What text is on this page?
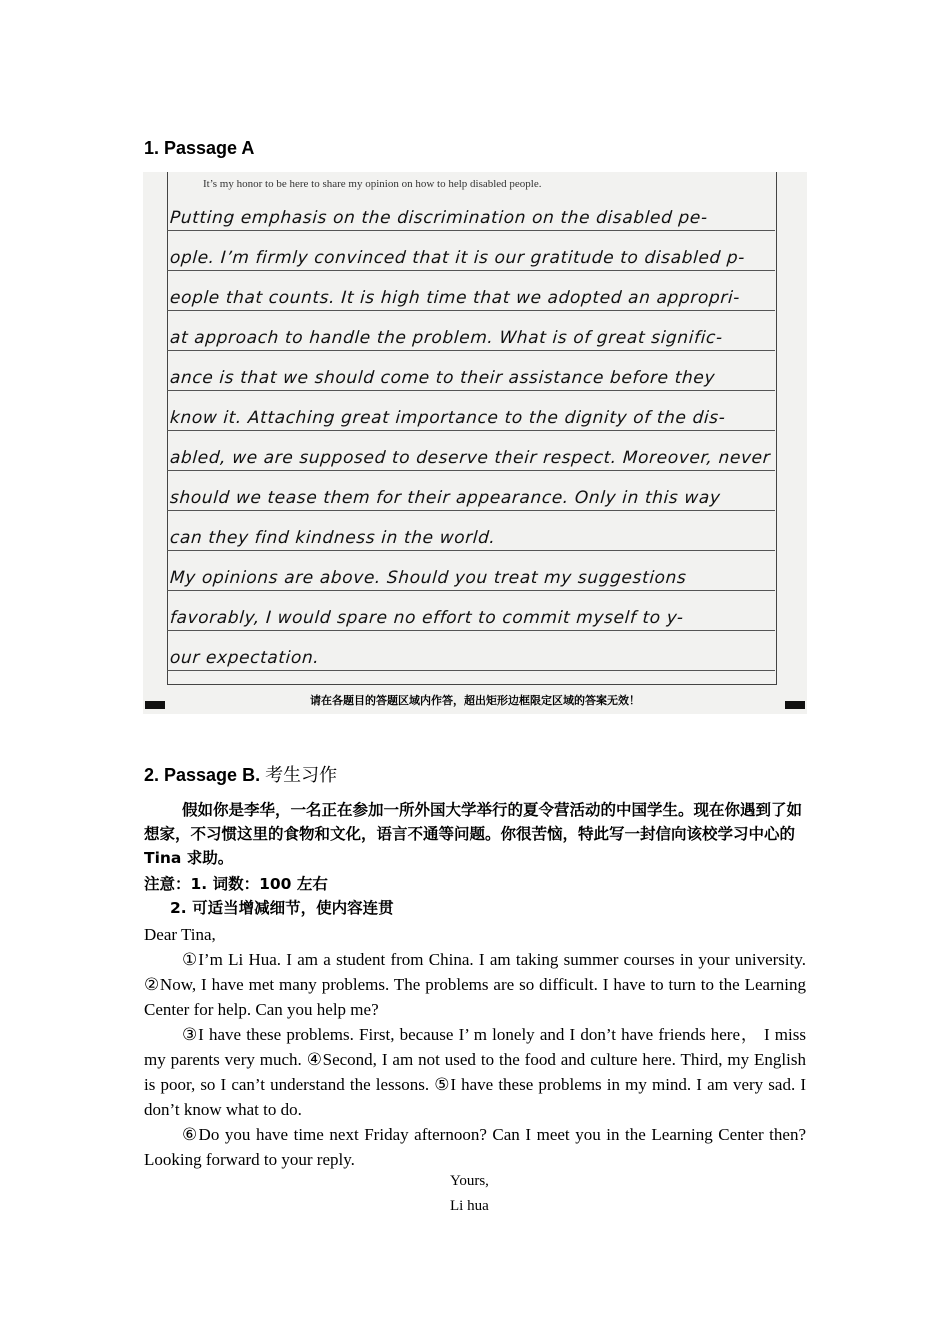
1. Passage A
It’s my honor to be here to share my opinion on how to help disabled people.
Putting emphasis on the discrimination on the disabled pe-
ople. I’m firmly convinced that it is our gratitude to disabled p-
eople that counts. It is high time that we adopted an appropri-
at approach to handle the problem. What is of great signific-
ance is that we should come to their assistance before they
know it. Attaching great importance to the dignity of the dis-
abled, we are supposed to deserve their respect. Moreover, never
should we tease them for their appearance. Only in this way
can they find kindness in the world.
My opinions are above. Should you treat my suggestions
favorably, I would spare no effort to commit myself to y-
our expectation.
请在各题目的答题区域内作答，超出矩形边框限定区域的答案无效！
2. Passage B. 考生习作
假如你是李华，一名正在参加一所外国大学举行的夏令营活动的中国学生。现在你遇到了如想家，不习惯这里的食物和文化，语言不通等问题。你很苦恼，特此写一封信向该校学习中心的 Tina 求助。
注意：1. 词数：100 左右
2. 可适当增减细节，使内容连贯
Dear Tina,

①I’m Li Hua. I am a student from China. I am taking summer courses in your university. ②Now, I have met many problems. The problems are so difficult. I have to turn to the Learning Center for help. Can you help me?

③I have these problems. First, because I’ m lonely and I don’t have friends here， I miss my parents very much. ④Second, I am not used to the food and culture here. Third, my English is poor, so I can’t understand the lessons. ⑤I have these problems in my mind. I am very sad. I don’t know what to do.

⑥Do you have time next Friday afternoon? Can I meet you in the Learning Center then? Looking forward to your reply.

Yours,
Li hua
